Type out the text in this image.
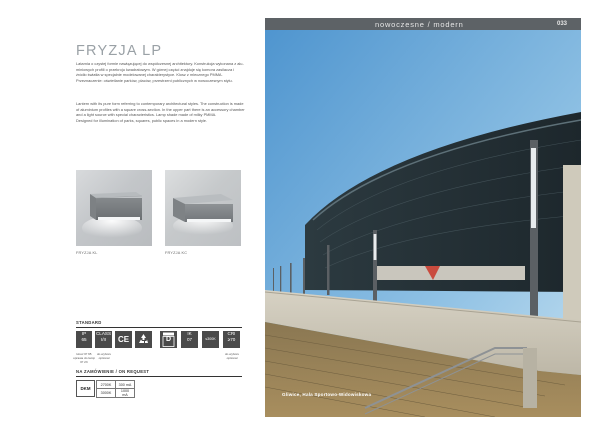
FRYZJA LP
Latarnia o czystej formie nawiązującej do współczesnej architektury. Konstrukcja wykonana z alu-
miniowych profili o przekroju kwadratowym. W górnej części znajduje się komora zasilacza i
źródło światła w specjalnie modelowanej charakterystyce. Klosz z mlecznego PMMA.
Przeznaczenie: oświetlanie parków, placów, przestrzeni publicznych w nowoczesnym stylu.
Lantern with its pure form referring to contemporary architectural styles. The construction is made
of aluminium profiles with a square cross-section. In the upper part there is an accessory chamber
and a light source with special characteristics. Lamp shade made of milky PMMA.
Designed for illumination of parks, squares, public spaces in a modern style.
FRYZJA KL	FRYZJA KC
STANDARD
IP
65
CLASS
I/II	CE	D
IK
07	≤300K
CRI
≥70
klosz IP 65
oprawa do lamp
IP 23
do wyboru
optional
do wyboru
optional
NA ZAMÓWIENIE / ON REQUEST
DKM
2700K	300 mA
3000K	1000 mA
nowoczesne / modern	033
Gliwice, Hala Sportowo-Widowiskowa
